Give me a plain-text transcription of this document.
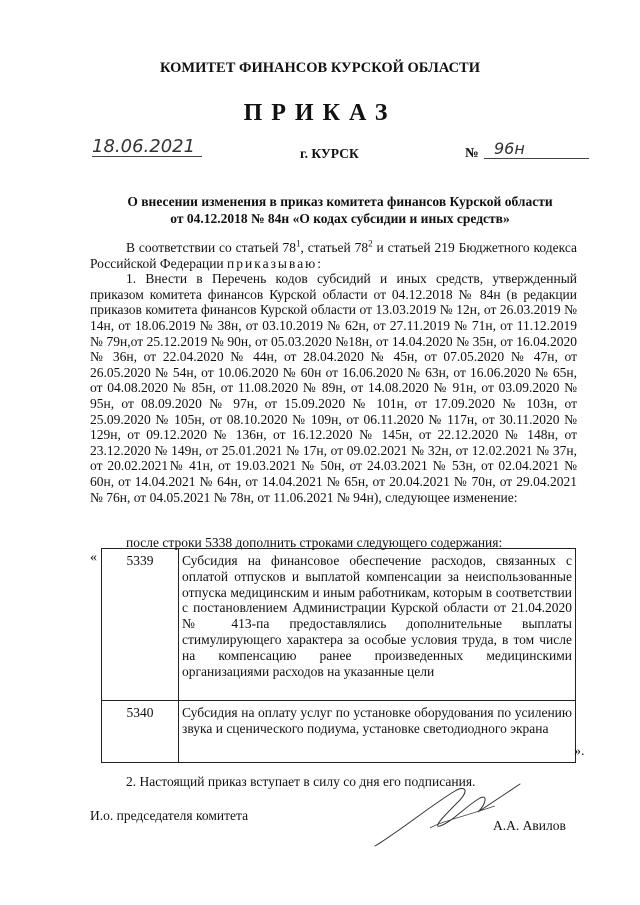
КОМИТЕТ ФИНАНСОВ КУРСКОЙ ОБЛАСТИ
ПРИКАЗ
18.06.2021	г. КУРСК	№ 96н
О внесении изменения в приказ комитета финансов Курской области
от 04.12.2018 № 84н «О кодах субсидии и иных средств»

В соответствии со статьей $78^1$, статьей $78^2$ и статьей 219 Бюджетного кодекса Российской Федерации приказываю:

1. Внести в Перечень кодов субсидий и иных средств, утвержденный приказом комитета финансов Курской области от 04.12.2018 № 84н (в редакции приказов комитета финансов Курской области от 13.03.2019 № 12н, от 26.03.2019 № 14н, от 18.06.2019 № 38н, от 03.10.2019 № 62н, от 27.11.2019 № 71н, от 11.12.2019 № 79н,от 25.12.2019 № 90н, от 05.03.2020 №18н, от 14.04.2020 № 35н, от 16.04.2020 № 36н, от 22.04.2020 № 44н, от 28.04.2020 № 45н, от 07.05.2020 № 47н, от 26.05.2020 № 54н, от 10.06.2020 № 60н от 16.06.2020 № 63н, от 16.06.2020 № 65н, от 04.08.2020 № 85н, от 11.08.2020 № 89н, от 14.08.2020 № 91н, от 03.09.2020 № 95н, от 08.09.2020 № 97н, от 15.09.2020 № 101н, от 17.09.2020 № 103н, от 25.09.2020 № 105н, от 08.10.2020 № 109н, от 06.11.2020 № 117н, от 30.11.2020 № 129н, от 09.12.2020 № 136н, от 16.12.2020 № 145н, от 22.12.2020 № 148н, от 23.12.2020 № 149н, от 25.01.2021 № 17н, от 09.02.2021 № 32н, от 12.02.2021 № 37н, от 20.02.2021№ 41н, от 19.03.2021 № 50н, от 24.03.2021 № 53н, от 02.04.2021 № 60н, от 14.04.2021 № 64н, от 14.04.2021 № 65н, от 20.04.2021 № 70н, от 29.04.2021 № 76н, от 04.05.2021 № 78н, от 11.06.2021 № 94н), следующее изменение:

после строки 5338 дополнить строками следующего содержания:
« 5339	Субсидия на финансовое обеспечение расходов, связанных с оплатой отпусков и выплатой компенсации за неиспользованные отпуска медицинским и иным работникам, которым в соответствии с постановлением Администрации Курской области от 21.04.2020 № 413-па предоставлялись дополнительные выплаты стимулирующего характера за особые условия труда, в том числе на компенсацию ранее произведенных медицинскими организациями расходов на указанные цели
5340	Субсидия на оплату услуг по установке оборудования по усилению звука и сценического подиума, установке светодиодного экрана
».
2. Настоящий приказ вступает в силу со дня его подписания.
И.о. председателя комитета
А.А. Авилов
